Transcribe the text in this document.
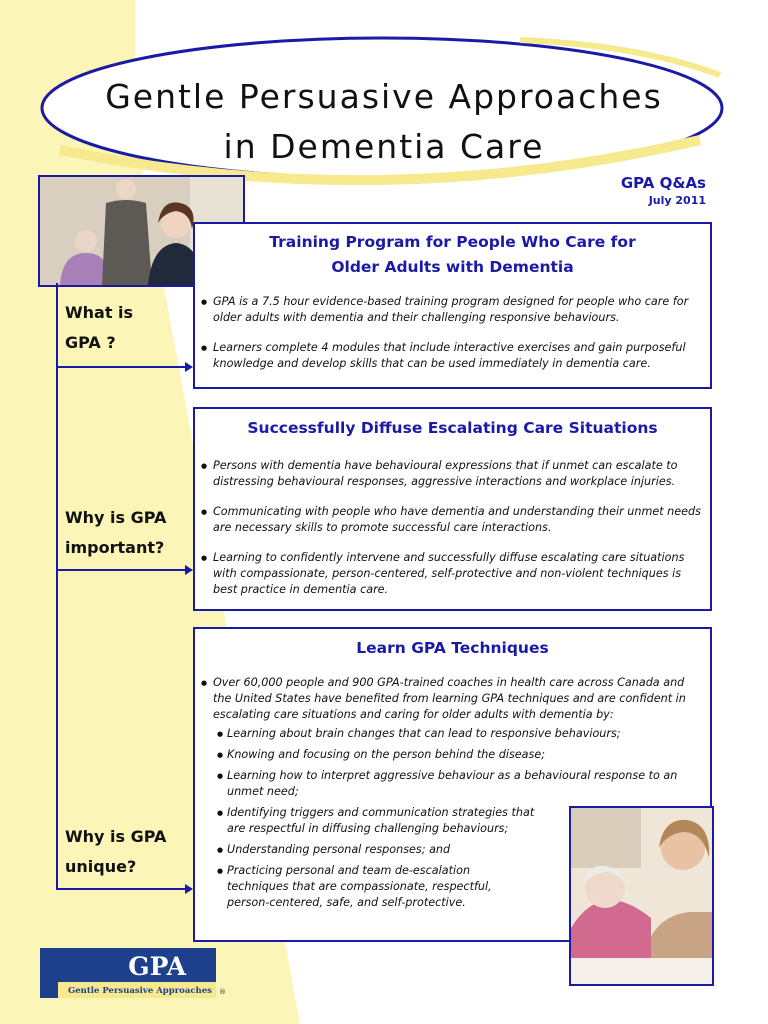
Gentle Persuasive Approaches
in Dementia Care
GPA Q&As
July 2011
What is
GPA ?
Why is GPA
important?
Why is GPA
unique?
Training Program for People Who Care for
Older Adults with Dementia
● GPA is a 7.5 hour evidence-based training program designed for people who care for older adults with dementia and their challenging responsive behaviours.
● Learners complete 4 modules that include interactive exercises and gain purposeful knowledge and develop skills that can be used immediately in dementia care.
Successfully Diffuse Escalating Care Situations
● Persons with dementia have behavioural expressions that if unmet can escalate to distressing behavioural responses, aggressive interactions and workplace injuries.
● Communicating with people who have dementia and understanding their unmet needs are necessary skills to promote successful care interactions.
● Learning to confidently intervene and successfully diffuse escalating care situations with compassionate, person-centered, self-protective and non-violent techniques is best practice in dementia care.
Learn GPA Techniques
● Over 60,000 people and 900 GPA-trained coaches in health care across Canada and the United States have benefited from learning GPA techniques and are confident in escalating care situations and caring for older adults with dementia by:
● Learning about brain changes that can lead to responsive behaviours;
● Knowing and focusing on the person behind the disease;
● Learning how to interpret aggressive behaviour as a behavioural response to an unmet need;
● Identifying triggers and communication strategies that are respectful in diffusing challenging behaviours;
● Understanding personal responses; and
● Practicing personal and team de-escalation techniques that are compassionate, respectful, person-centered, safe, and self-protective.
GPA
Gentle Persuasive Approaches ®
